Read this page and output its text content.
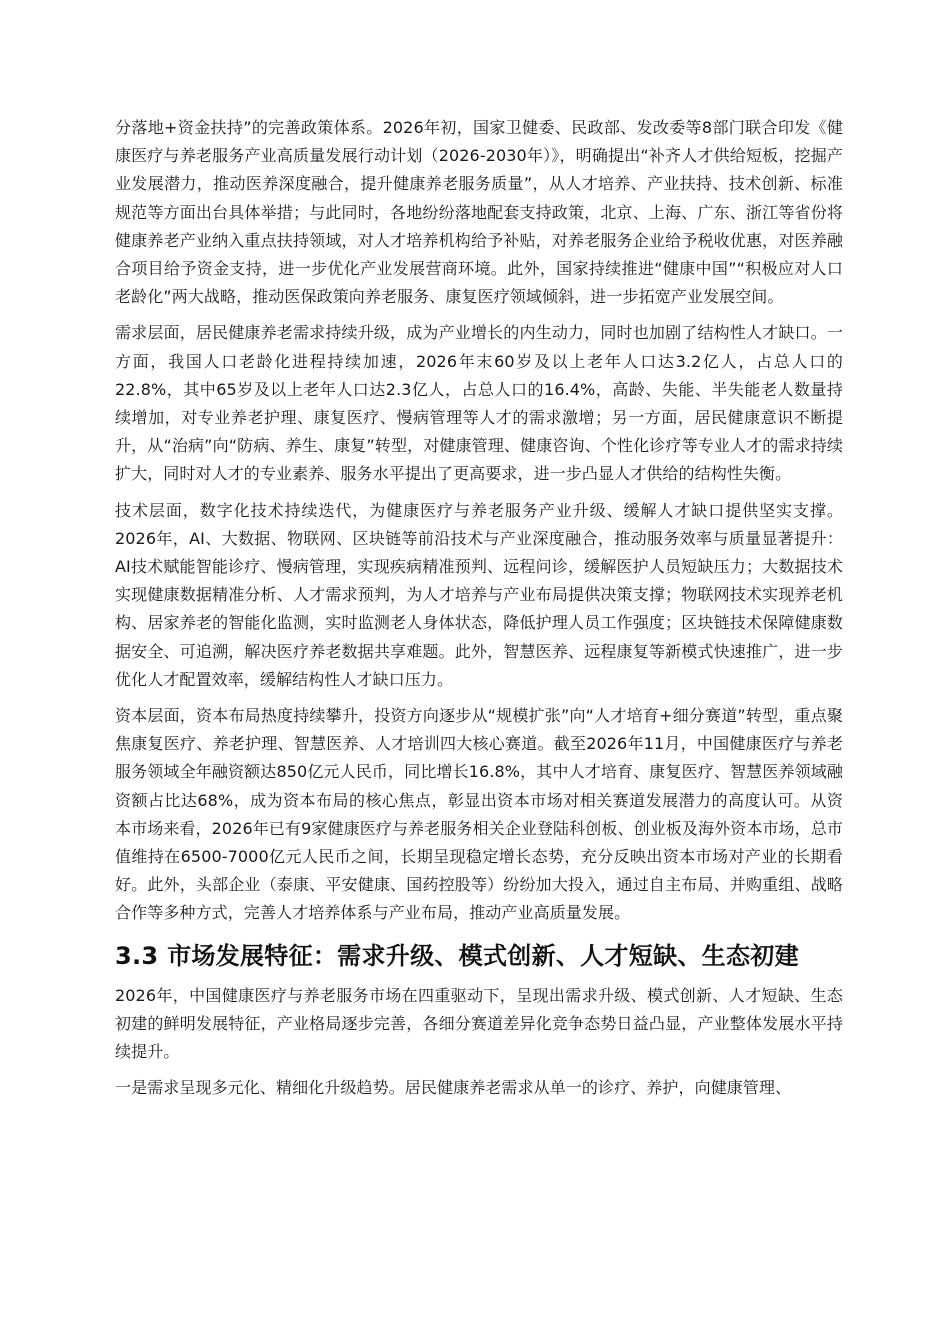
分落地+资金扶持”的完善政策体系。2026年初，国家卫健委、民政部、发改委等8部门联合印发《健康医疗与养老服务产业高质量发展行动计划（2026-2030年）》，明确提出“补齐人才供给短板，挖掘产业发展潜力，推动医养深度融合，提升健康养老服务质量”，从人才培养、产业扶持、技术创新、标准规范等方面出台具体举措；与此同时，各地纷纷落地配套支持政策，北京、上海、广东、浙江等省份将健康养老产业纳入重点扶持领域，对人才培养机构给予补贴，对养老服务企业给予税收优惠，对医养融合项目给予资金支持，进一步优化产业发展营商环境。此外，国家持续推进“健康中国”“积极应对人口老龄化”两大战略，推动医保政策向养老服务、康复医疗领域倾斜，进一步拓宽产业发展空间。

需求层面，居民健康养老需求持续升级，成为产业增长的内生动力，同时也加剧了结构性人才缺口。一方面，我国人口老龄化进程持续加速，2026年末60岁及以上老年人口达3.2亿人，占总人口的22.8%，其中65岁及以上老年人口达2.3亿人，占总人口的16.4%，高龄、失能、半失能老人数量持续增加，对专业养老护理、康复医疗、慢病管理等人才的需求激增；另一方面，居民健康意识不断提升，从“治病”向“防病、养生、康复”转型，对健康管理、健康咨询、个性化诊疗等专业人才的需求持续扩大，同时对人才的专业素养、服务水平提出了更高要求，进一步凸显人才供给的结构性失衡。

技术层面，数字化技术持续迭代，为健康医疗与养老服务产业升级、缓解人才缺口提供坚实支撑。2026年，AI、大数据、物联网、区块链等前沿技术与产业深度融合，推动服务效率与质量显著提升：AI技术赋能智能诊疗、慢病管理，实现疾病精准预判、远程问诊，缓解医护人员短缺压力；大数据技术实现健康数据精准分析、人才需求预判，为人才培养与产业布局提供决策支撑；物联网技术实现养老机构、居家养老的智能化监测，实时监测老人身体状态，降低护理人员工作强度；区块链技术保障健康数据安全、可追溯，解决医疗养老数据共享难题。此外，智慧医养、远程康复等新模式快速推广，进一步优化人才配置效率，缓解结构性人才缺口压力。

资本层面，资本布局热度持续攀升，投资方向逐步从“规模扩张”向“人才培育+细分赛道”转型，重点聚焦康复医疗、养老护理、智慧医养、人才培训四大核心赛道。截至2026年11月，中国健康医疗与养老服务领域全年融资额达850亿元人民币，同比增长16.8%，其中人才培育、康复医疗、智慧医养领域融资额占比达68%，成为资本布局的核心焦点，彰显出资本市场对相关赛道发展潜力的高度认可。从资本市场来看，2026年已有9家健康医疗与养老服务相关企业登陆科创板、创业板及海外资本市场，总市值维持在6500-7000亿元人民币之间，长期呈现稳定增长态势，充分反映出资本市场对产业的长期看好。此外，头部企业（泰康、平安健康、国药控股等）纷纷加大投入，通过自主布局、并购重组、战略合作等多种方式，完善人才培养体系与产业布局，推动产业高质量发展。

3.3 市场发展特征：需求升级、模式创新、人才短缺、生态初建

2026年，中国健康医疗与养老服务市场在四重驱动下，呈现出需求升级、模式创新、人才短缺、生态初建的鲜明发展特征，产业格局逐步完善，各细分赛道差异化竞争态势日益凸显，产业整体发展水平持续提升。

一是需求呈现多元化、精细化升级趋势。居民健康养老需求从单一的诊疗、养护，向健康管理、
